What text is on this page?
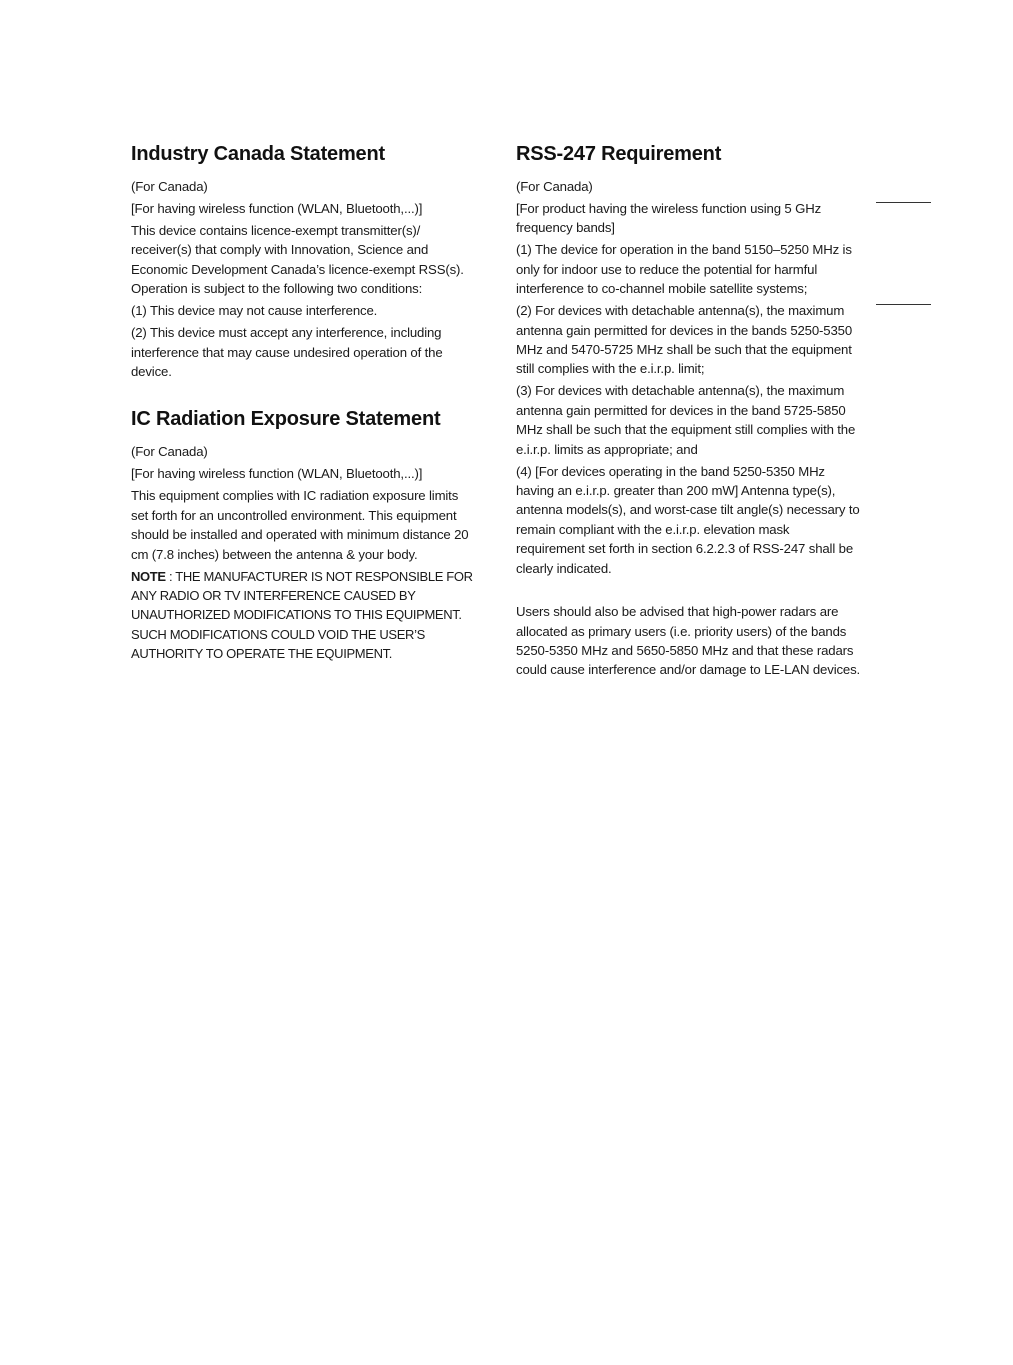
Industry Canada Statement

(For Canada)

[For having wireless function (WLAN, Bluetooth,...)]

This device contains licence-exempt transmitter(s)/ receiver(s) that comply with Innovation, Science and Economic Development Canada’s licence-exempt RSS(s). Operation is subject to the following two conditions:

(1) This device may not cause interference.

(2) This device must accept any interference, including interference that may cause undesired operation of the device.

IC Radiation Exposure Statement

(For Canada)

[For having wireless function (WLAN, Bluetooth,...)]

This equipment complies with IC radiation exposure limits set forth for an uncontrolled environment. This equipment should be installed and operated with minimum distance 20 cm (7.8 inches) between the antenna & your body.

NOTE : THE MANUFACTURER IS NOT RESPONSIBLE FOR ANY RADIO OR TV INTERFERENCE CAUSED BY UNAUTHORIZED MODIFICATIONS TO THIS EQUIPMENT. SUCH MODIFICATIONS COULD VOID THE USER’S AUTHORITY TO OPERATE THE EQUIPMENT.

RSS-247 Requirement

(For Canada)

[For product having the wireless function using 5 GHz frequency bands]

(1) The device for operation in the band 5150–5250 MHz is only for indoor use to reduce the potential for harmful interference to co-channel mobile satellite systems;

(2) For devices with detachable antenna(s), the maximum antenna gain permitted for devices in the bands 5250-5350 MHz and 5470-5725 MHz shall be such that the equipment still complies with the e.i.r.p. limit;

(3) For devices with detachable antenna(s), the maximum antenna gain permitted for devices in the band 5725-5850 MHz shall be such that the equipment still complies with the e.i.r.p. limits as appropriate; and

(4) [For devices operating in the band 5250-5350 MHz having an e.i.r.p. greater than 200 mW] Antenna type(s), antenna models(s), and worst-case tilt angle(s) necessary to remain compliant with the e.i.r.p. elevation mask requirement set forth in section 6.2.2.3 of RSS-247 shall be clearly indicated.

Users should also be advised that high-power radars are allocated as primary users (i.e. priority users) of the bands 5250-5350 MHz and 5650-5850 MHz and that these radars could cause interference and/or damage to LE-LAN devices.
